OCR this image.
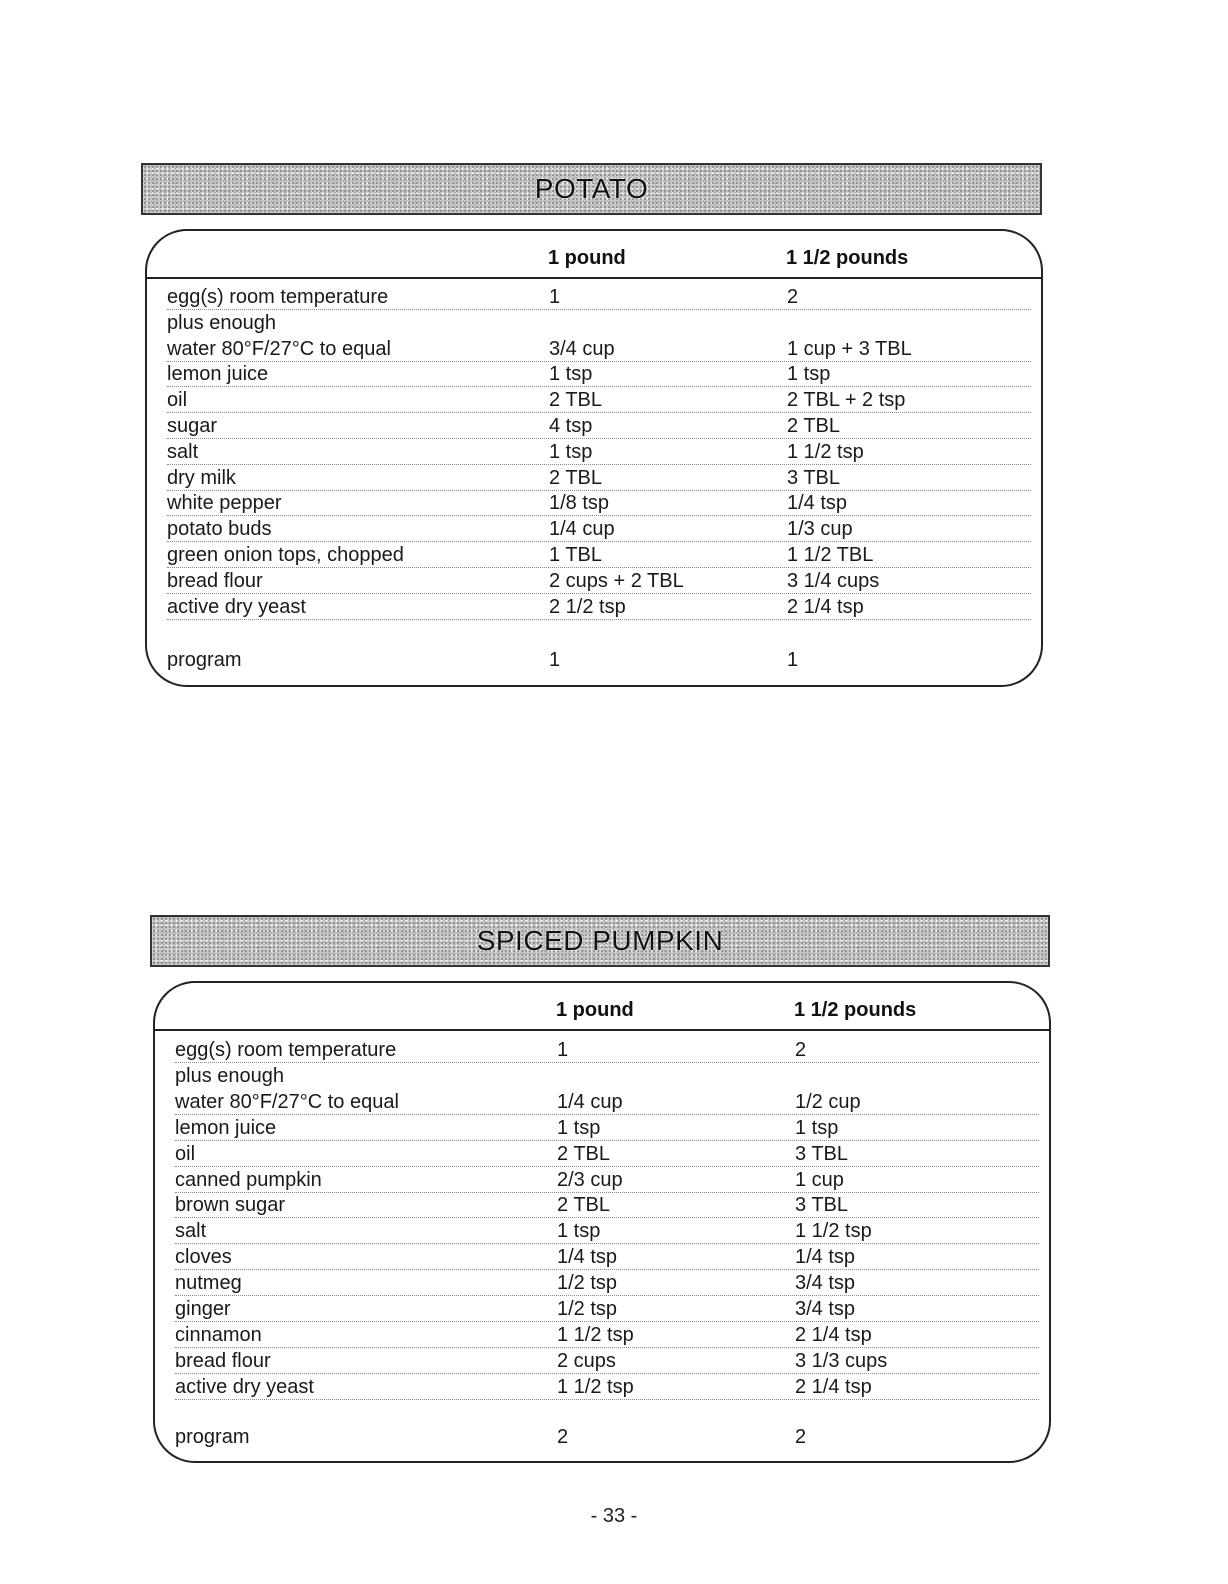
POTATO
1 pound	1 1/2 pounds
egg(s) room temperature	1	2
plus enough
water 80°F/27°C to equal	3/4 cup	1 cup + 3 TBL
lemon juice	1 tsp	1 tsp
oil	2 TBL	2 TBL + 2 tsp
sugar	4 tsp	2 TBL
salt	1 tsp	1 1/2 tsp
dry milk	2 TBL	3 TBL
white pepper	1/8 tsp	1/4 tsp
potato buds	1/4 cup	1/3 cup
green onion tops, chopped	1 TBL	1 1/2 TBL
bread flour	2 cups + 2 TBL	3 1/4 cups
active dry yeast	2 1/2 tsp	2 1/4 tsp
program	1	1
SPICED PUMPKIN
1 pound	1 1/2 pounds
egg(s) room temperature	1	2
plus enough
water 80°F/27°C to equal	1/4 cup	1/2 cup
lemon juice	1 tsp	1 tsp
oil	2 TBL	3 TBL
canned pumpkin	2/3 cup	1 cup
brown sugar	2 TBL	3 TBL
salt	1 tsp	1 1/2 tsp
cloves	1/4 tsp	1/4 tsp
nutmeg	1/2 tsp	3/4 tsp
ginger	1/2 tsp	3/4 tsp
cinnamon	1 1/2 tsp	2 1/4 tsp
bread flour	2 cups	3 1/3 cups
active dry yeast	1 1/2 tsp	2 1/4 tsp
program	2	2
- 33 -
